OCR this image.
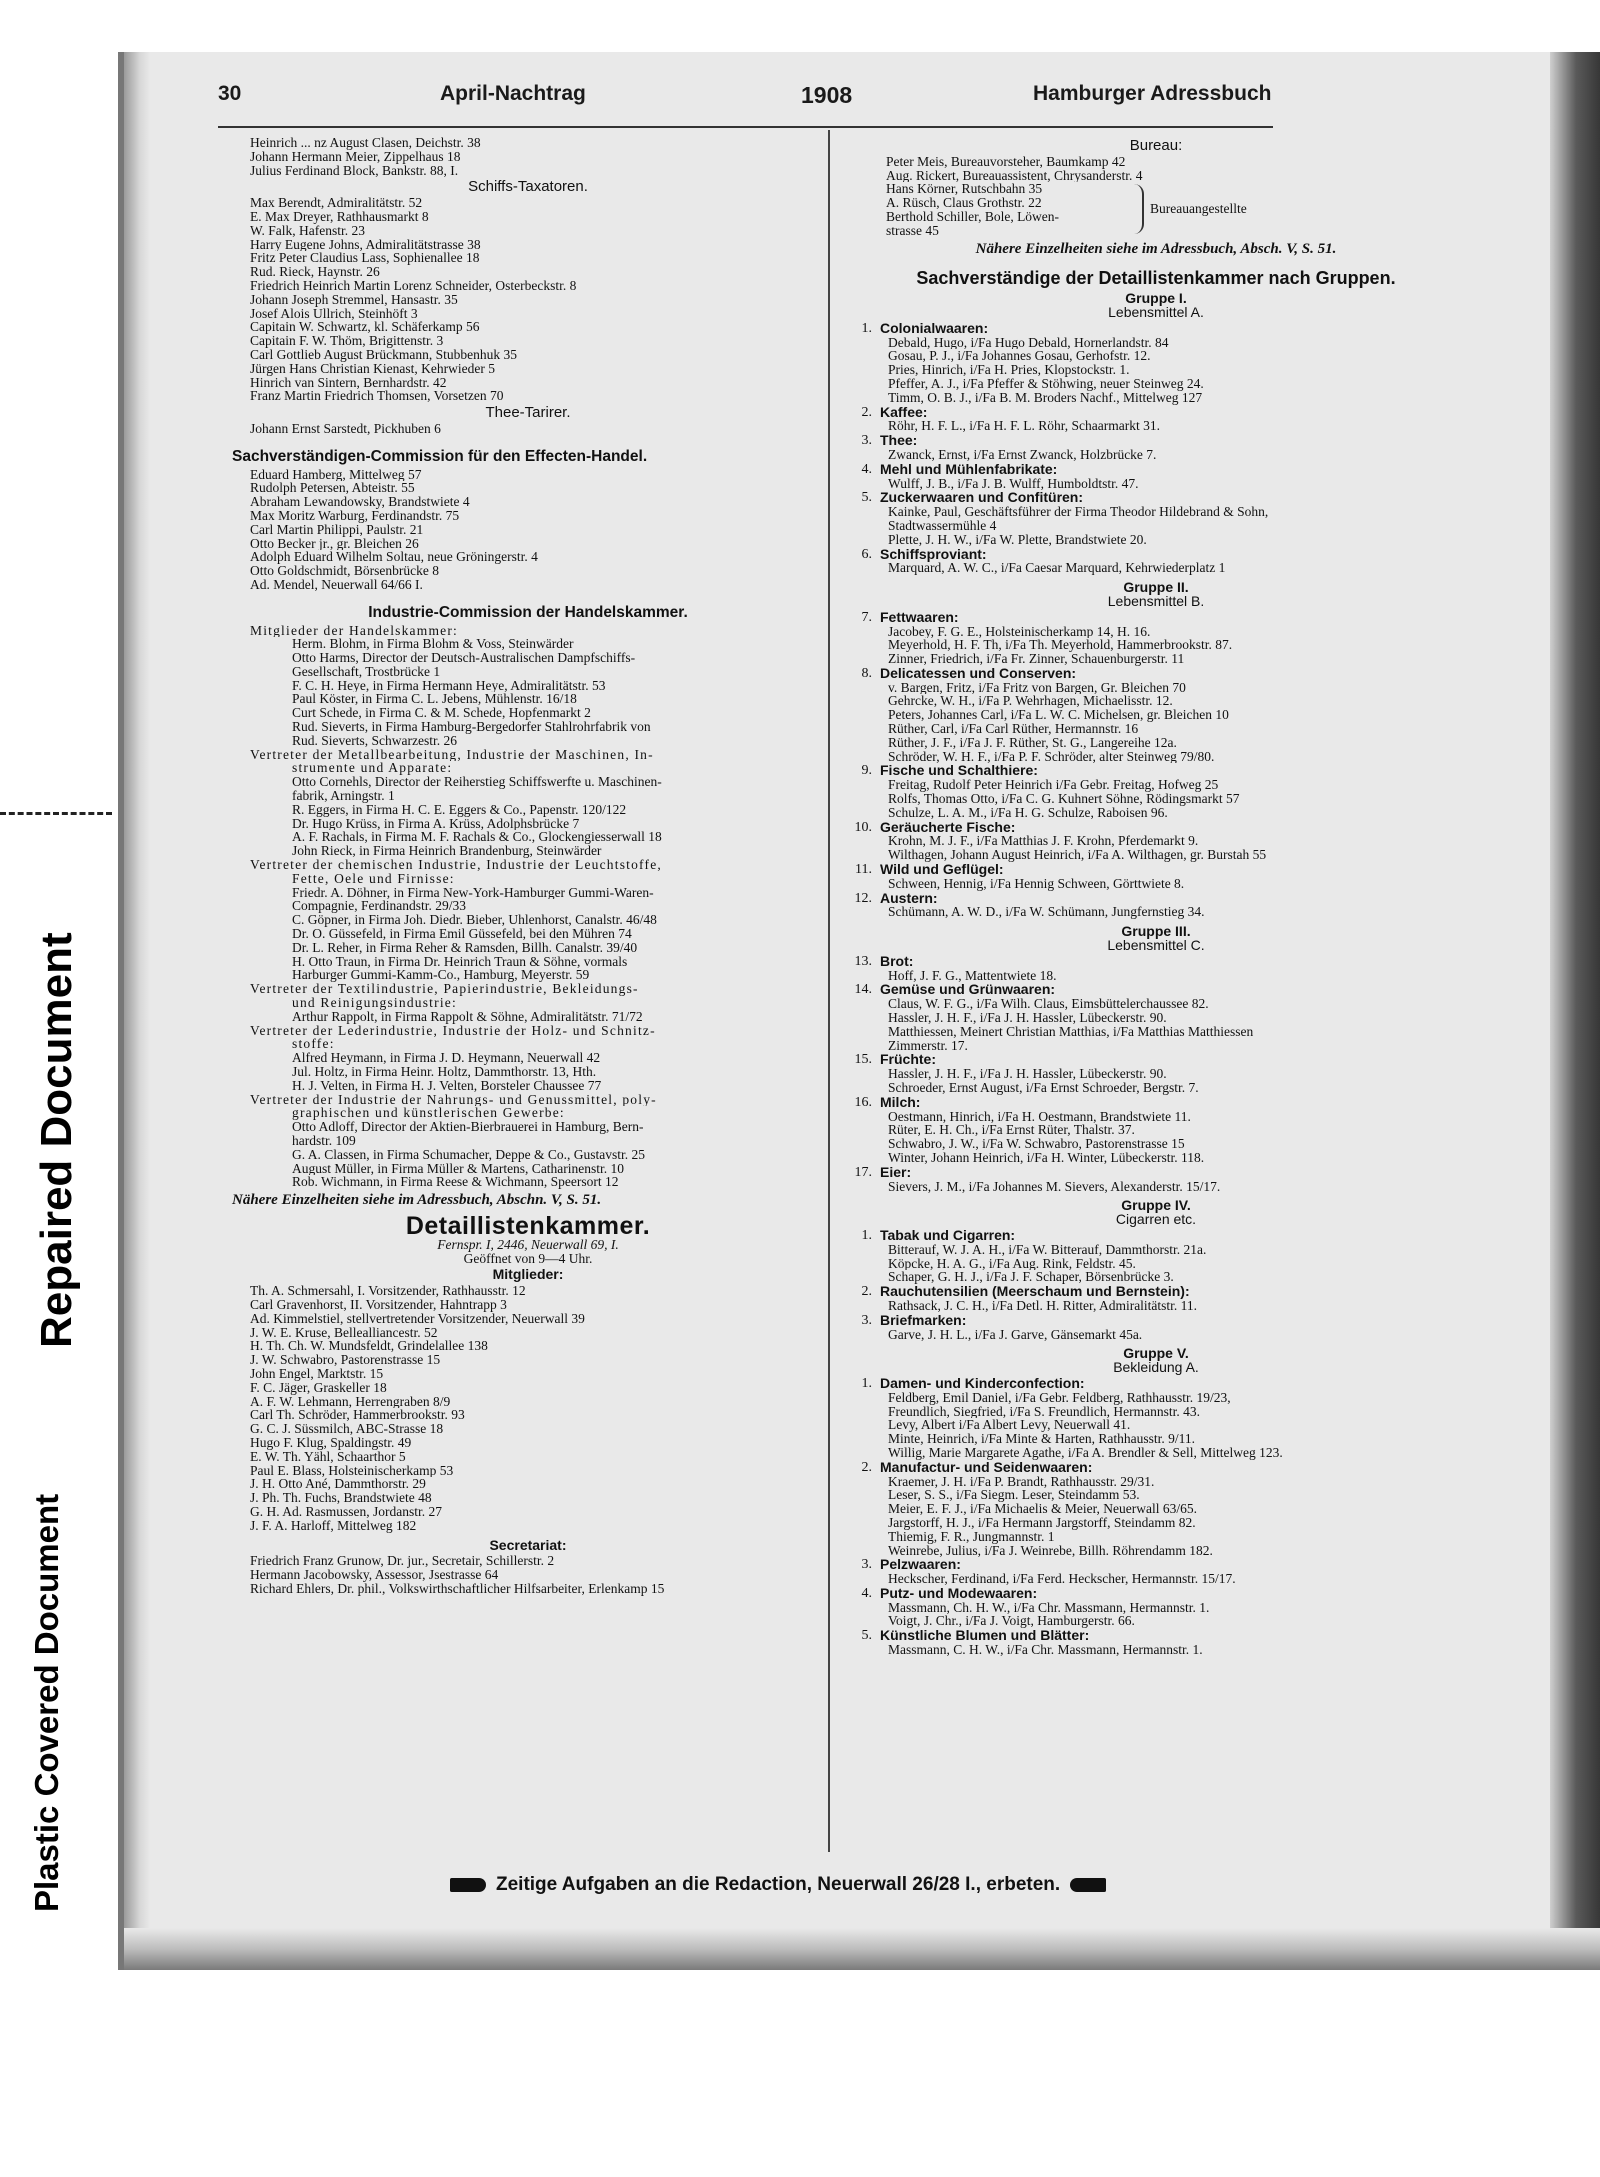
Repaired Document
Plastic Covered Document
30	April-Nachtrag	1908	Hamburger Adressbuch
Heinrich ... nz August Clasen, Deichstr. 38
Johann Hermann Meier, Zippelhaus 18
Julius Ferdinand Block, Bankstr. 88, I.
Schiffs-Taxatoren.
Max Berendt, Admiralitätstr. 52
E. Max Dreyer, Rathhausmarkt 8
W. Falk, Hafenstr. 23
Harry Eugene Johns, Admiralitätstrasse 38
Fritz Peter Claudius Lass, Sophienallee 18
Rud. Rieck, Haynstr. 26
Friedrich Heinrich Martin Lorenz Schneider, Osterbeckstr. 8
Johann Joseph Stremmel, Hansastr. 35
Josef Alois Ullrich, Steinhöft 3
Capitain W. Schwartz, kl. Schäferkamp 56
Capitain F. W. Thöm, Brigittenstr. 3
Carl Gottlieb August Brückmann, Stubbenhuk 35
Jürgen Hans Christian Kienast, Kehrwieder 5
Hinrich van Sintern, Bernhardstr. 42
Franz Martin Friedrich Thomsen, Vorsetzen 70
Thee-Tarirer.
Johann Ernst Sarstedt, Pickhuben 6
Sachverständigen-Commission für den Effecten-Handel.
Eduard Hamberg, Mittelweg 57
Rudolph Petersen, Abteistr. 55
Abraham Lewandowsky, Brandstwiete 4
Max Moritz Warburg, Ferdinandstr. 75
Carl Martin Philippi, Paulstr. 21
Otto Becker jr., gr. Bleichen 26
Adolph Eduard Wilhelm Soltau, neue Gröningerstr. 4
Otto Goldschmidt, Börsenbrücke 8
Ad. Mendel, Neuerwall 64/66 I.
Industrie-Commission der Handelskammer.
Mitglieder der Handelskammer:
Herm. Blohm, in Firma Blohm & Voss, Steinwärder
Otto Harms, Director der Deutsch-Australischen Dampfschiffs-
Gesellschaft, Trostbrücke 1
F. C. H. Heye, in Firma Hermann Heye, Admiralitätstr. 53
Paul Köster, in Firma C. L. Jebens, Mühlenstr. 16/18
Curt Schede, in Firma C. & M. Schede, Hopfenmarkt 2
Rud. Sieverts, in Firma Hamburg-Bergedorfer Stahlrohrfabrik von
Rud. Sieverts, Schwarzestr. 26
Vertreter der Metallbearbeitung, Industrie der Maschinen, In-
strumente und Apparate:
Otto Cornehls, Director der Reiherstieg Schiffswerfte u. Maschinen-
fabrik, Arningstr. 1
R. Eggers, in Firma H. C. E. Eggers & Co., Papenstr. 120/122
Dr. Hugo Krüss, in Firma A. Krüss, Adolphsbrücke 7
A. F. Rachals, in Firma M. F. Rachals & Co., Glockengiesserwall 18
John Rieck, in Firma Heinrich Brandenburg, Steinwärder
Vertreter der chemischen Industrie, Industrie der Leuchtstoffe,
Fette, Oele und Firnisse:
Friedr. A. Döhner, in Firma New-York-Hamburger Gummi-Waren-
Compagnie, Ferdinandstr. 29/33
C. Göpner, in Firma Joh. Diedr. Bieber, Uhlenhorst, Canalstr. 46/48
Dr. O. Güssefeld, in Firma Emil Güssefeld, bei den Mühren 74
Dr. L. Reher, in Firma Reher & Ramsden, Billh. Canalstr. 39/40
H. Otto Traun, in Firma Dr. Heinrich Traun & Söhne, vormals
Harburger Gummi-Kamm-Co., Hamburg, Meyerstr. 59
Vertreter der Textilindustrie, Papierindustrie, Bekleidungs-
und Reinigungsindustrie:
Arthur Rappolt, in Firma Rappolt & Söhne, Admiralitätstr. 71/72
Vertreter der Lederindustrie, Industrie der Holz- und Schnitz-
stoffe:
Alfred Heymann, in Firma J. D. Heymann, Neuerwall 42
Jul. Holtz, in Firma Heinr. Holtz, Dammthorstr. 13, Hth.
H. J. Velten, in Firma H. J. Velten, Borsteler Chaussee 77
Vertreter der Industrie der Nahrungs- und Genussmittel, poly-
graphischen und künstlerischen Gewerbe:
Otto Adloff, Director der Aktien-Bierbrauerei in Hamburg, Bern-
hardstr. 109
G. A. Classen, in Firma Schumacher, Deppe & Co., Gustavstr. 25
August Müller, in Firma Müller & Martens, Catharinenstr. 10
Rob. Wichmann, in Firma Reese & Wichmann, Speersort 12
Nähere Einzelheiten siehe im Adressbuch, Abschn. V, S. 51.
Detaillistenkammer.
Fernspr. I, 2446, Neuerwall 69, I.
Geöffnet von 9—4 Uhr.
Mitglieder:
Th. A. Schmersahl, I. Vorsitzender, Rathhausstr. 12
Carl Gravenhorst, II. Vorsitzender, Hahntrapp 3
Ad. Kimmelstiel, stellvertretender Vorsitzender, Neuerwall 39
J. W. E. Kruse, Bellealliancestr. 52
H. Th. Ch. W. Mundsfeldt, Grindelallee 138
J. W. Schwabro, Pastorenstrasse 15
John Engel, Marktstr. 15
F. C. Jäger, Graskeller 18
A. F. W. Lehmann, Herrengraben 8/9
Carl Th. Schröder, Hammerbrookstr. 93
G. C. J. Süssmilch, ABC-Strasse 18
Hugo F. Klug, Spaldingstr. 49
E. W. Th. Yähl, Schaarthor 5
Paul E. Blass, Holsteinischerkamp 53
J. H. Otto Ané, Dammthorstr. 29
J. Ph. Th. Fuchs, Brandstwiete 48
G. H. Ad. Rasmussen, Jordanstr. 27
J. F. A. Harloff, Mittelweg 182
Secretariat:
Friedrich Franz Grunow, Dr. jur., Secretair, Schillerstr. 2
Hermann Jacobowsky, Assessor, Jsestrasse 64
Richard Ehlers, Dr. phil., Volkswirthschaftlicher Hilfsarbeiter, Erlenkamp 15
Bureau:
Peter Meis, Bureauvorsteher, Baumkamp 42
Aug. Rickert, Bureauassistent, Chrysanderstr. 4
Hans Körner, Rutschbahn 35
A. Rüsch, Claus Grothstr. 22
Berthold Schiller, Bole, Löwen-
strasse 45
Bureauangestellte
Nähere Einzelheiten siehe im Adressbuch, Absch. V, S. 51.
Sachverständige der Detaillistenkammer nach Gruppen.
Gruppe I.
Lebensmittel A.
1. Colonialwaaren:
Debald, Hugo, i/Fa Hugo Debald, Hornerlandstr. 84
Gosau, P. J., i/Fa Johannes Gosau, Gerhofstr. 12.
Pries, Hinrich, i/Fa H. Pries, Klopstockstr. 1.
Pfeffer, A. J., i/Fa Pfeffer & Stöhwing, neuer Steinweg 24.
Timm, O. B. J., i/Fa B. M. Broders Nachf., Mittelweg 127
2. Kaffee:
Röhr, H. F. L., i/Fa H. F. L. Röhr, Schaarmarkt 31.
3. Thee:
Zwanck, Ernst, i/Fa Ernst Zwanck, Holzbrücke 7.
4. Mehl und Mühlenfabrikate:
Wulff, J. B., i/Fa J. B. Wulff, Humboldtstr. 47.
5. Zuckerwaaren und Confitüren:
Kainke, Paul, Geschäftsführer der Firma Theodor Hildebrand & Sohn,
Stadtwassermühle 4
Plette, J. H. W., i/Fa W. Plette, Brandstwiete 20.
6. Schiffsproviant:
Marquard, A. W. C., i/Fa Caesar Marquard, Kehrwiederplatz 1
Gruppe II.
Lebensmittel B.
7. Fettwaaren:
Jacobey, F. G. E., Holsteinischerkamp 14, H. 16.
Meyerhold, H. F. Th, i/Fa Th. Meyerhold, Hammerbrookstr. 87.
Zinner, Friedrich, i/Fa Fr. Zinner, Schauenburgerstr. 11
8. Delicatessen und Conserven:
v. Bargen, Fritz, i/Fa Fritz von Bargen, Gr. Bleichen 70
Gehrcke, W. H., i/Fa P. Wehrhagen, Michaelisstr. 12.
Peters, Johannes Carl, i/Fa L. W. C. Michelsen, gr. Bleichen 10
Rüther, Carl, i/Fa Carl Rüther, Hermannstr. 16
Rüther, J. F., i/Fa J. F. Rüther, St. G., Langereihe 12a.
Schröder, W. H. F., i/Fa P. F. Schröder, alter Steinweg 79/80.
9. Fische und Schalthiere:
Freitag, Rudolf Peter Heinrich i/Fa Gebr. Freitag, Hofweg 25
Rolfs, Thomas Otto, i/Fa C. G. Kuhnert Söhne, Rödingsmarkt 57
Schulze, L. A. M., i/Fa H. G. Schulze, Raboisen 96.
10. Geräucherte Fische:
Krohn, M. J. F., i/Fa Matthias J. F. Krohn, Pferdemarkt 9.
Wilthagen, Johann August Heinrich, i/Fa A. Wilthagen, gr. Burstah 55
11. Wild und Geflügel:
Schween, Hennig, i/Fa Hennig Schween, Görttwiete 8.
12. Austern:
Schümann, A. W. D., i/Fa W. Schümann, Jungfernstieg 34.
Gruppe III.
Lebensmittel C.
13. Brot:
Hoff, J. F. G., Mattentwiete 18.
14. Gemüse und Grünwaaren:
Claus, W. F. G., i/Fa Wilh. Claus, Eimsbüttelerchaussee 82.
Hassler, J. H. F., i/Fa J. H. Hassler, Lübeckerstr. 90.
Matthiessen, Meinert Christian Matthias, i/Fa Matthias Matthiessen
Zimmerstr. 17.
15. Früchte:
Hassler, J. H. F., i/Fa J. H. Hassler, Lübeckerstr. 90.
Schroeder, Ernst August, i/Fa Ernst Schroeder, Bergstr. 7.
16. Milch:
Oestmann, Hinrich, i/Fa H. Oestmann, Brandstwiete 11.
Rüter, E. H. Ch., i/Fa Ernst Rüter, Thalstr. 37.
Schwabro, J. W., i/Fa W. Schwabro, Pastorenstrasse 15
Winter, Johann Heinrich, i/Fa H. Winter, Lübeckerstr. 118.
17. Eier:
Sievers, J. M., i/Fa Johannes M. Sievers, Alexanderstr. 15/17.
Gruppe IV.
Cigarren etc.
1. Tabak und Cigarren:
Bitterauf, W. J. A. H., i/Fa W. Bitterauf, Dammthorstr. 21a.
Köpcke, H. A. G., i/Fa Aug. Rink, Feldstr. 45.
Schaper, G. H. J., i/Fa J. F. Schaper, Börsenbrücke 3.
2. Rauchutensilien (Meerschaum und Bernstein):
Rathsack, J. C. H., i/Fa Detl. H. Ritter, Admiralitätstr. 11.
3. Briefmarken:
Garve, J. H. L., i/Fa J. Garve, Gänsemarkt 45a.
Gruppe V.
Bekleidung A.
1. Damen- und Kinderconfection:
Feldberg, Emil Daniel, i/Fa Gebr. Feldberg, Rathhausstr. 19/23,
Freundlich, Siegfried, i/Fa S. Freundlich, Hermannstr. 43.
Levy, Albert i/Fa Albert Levy, Neuerwall 41.
Minte, Heinrich, i/Fa Minte & Harten, Rathhausstr. 9/11.
Willig, Marie Margarete Agathe, i/Fa A. Brendler & Sell, Mittelweg 123.
2. Manufactur- und Seidenwaaren:
Kraemer, J. H. i/Fa P. Brandt, Rathhausstr. 29/31.
Leser, S. S., i/Fa Siegm. Leser, Steindamm 53.
Meier, E. F. J., i/Fa Michaelis & Meier, Neuerwall 63/65.
Jargstorff, H. J., i/Fa Hermann Jargstorff, Steindamm 82.
Thiemig, F. R., Jungmannstr. 1
Weinrebe, Julius, i/Fa J. Weinrebe, Billh. Röhrendamm 182.
3. Pelzwaaren:
Heckscher, Ferdinand, i/Fa Ferd. Heckscher, Hermannstr. 15/17.
4. Putz- und Modewaaren:
Massmann, Ch. H. W., i/Fa Chr. Massmann, Hermannstr. 1.
Voigt, J. Chr., i/Fa J. Voigt, Hamburgerstr. 66.
5. Künstliche Blumen und Blätter:
Massmann, C. H. W., i/Fa Chr. Massmann, Hermannstr. 1.
Zeitige Aufgaben an die Redaction, Neuerwall 26/28 I., erbeten.
